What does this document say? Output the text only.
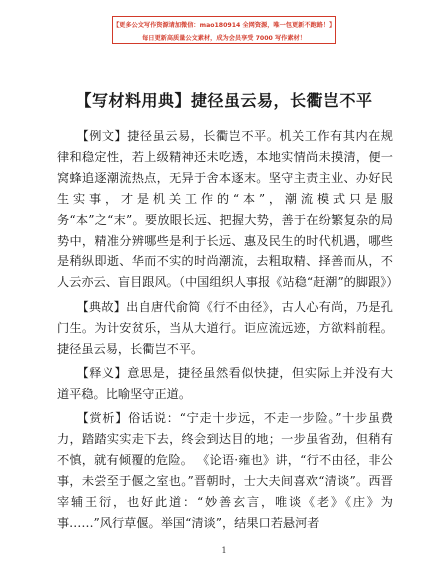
【更多公文写作资源请加微信：mao180914 全网资源，唯一包更新不跑路！】
每日更新高质量公文素材，成为会员享受 7000 写作素材！
【写材料用典】捷径虽云易，长衢岂不平

【例文】捷径虽云易，长衢岂不平。机关工作有其内在规律和稳定性，若上级精神还未吃透，本地实情尚未摸清，便一窝蜂追逐潮流热点，无异于舍本逐末。坚守主责主业、办好民生实事，才是机关工作的“本”，潮流模式只是服务“本”之“末”。要放眼长远、把握大势，善于在纷繁复杂的局势中，精准分辨哪些是利于长远、惠及民生的时代机遇，哪些是稍纵即逝、华而不实的时尚潮流，去粗取精、择善而从，不人云亦云、盲目跟风。（中国组织人事报《站稳“赶潮”的脚跟》）

【典故】出自唐代俞简《行不由径》，古人心有尚，乃是孔门生。为计安贫乐，当从大道行。讵应流远迹，方欲料前程。捷径虽云易，长衢岂不平。

【释义】意思是，捷径虽然看似快捷，但实际上并没有大道平稳。比喻坚守正道。

【赏析】俗话说：“宁走十步远，不走一步险。”十步虽费力，踏踏实实走下去，终会到达目的地；一步虽省劲，但稍有不慎，就有倾覆的危险。 《论语·雍也》讲，“行不由径，非公事，未尝至于偃之室也。”晋朝时，士大夫间喜欢“清谈”。西晋宰辅王衍，也好此道：“妙善玄言，唯谈《老》《庄》为事……”风行草偃。举国“清谈”，结果口若悬河者

1
